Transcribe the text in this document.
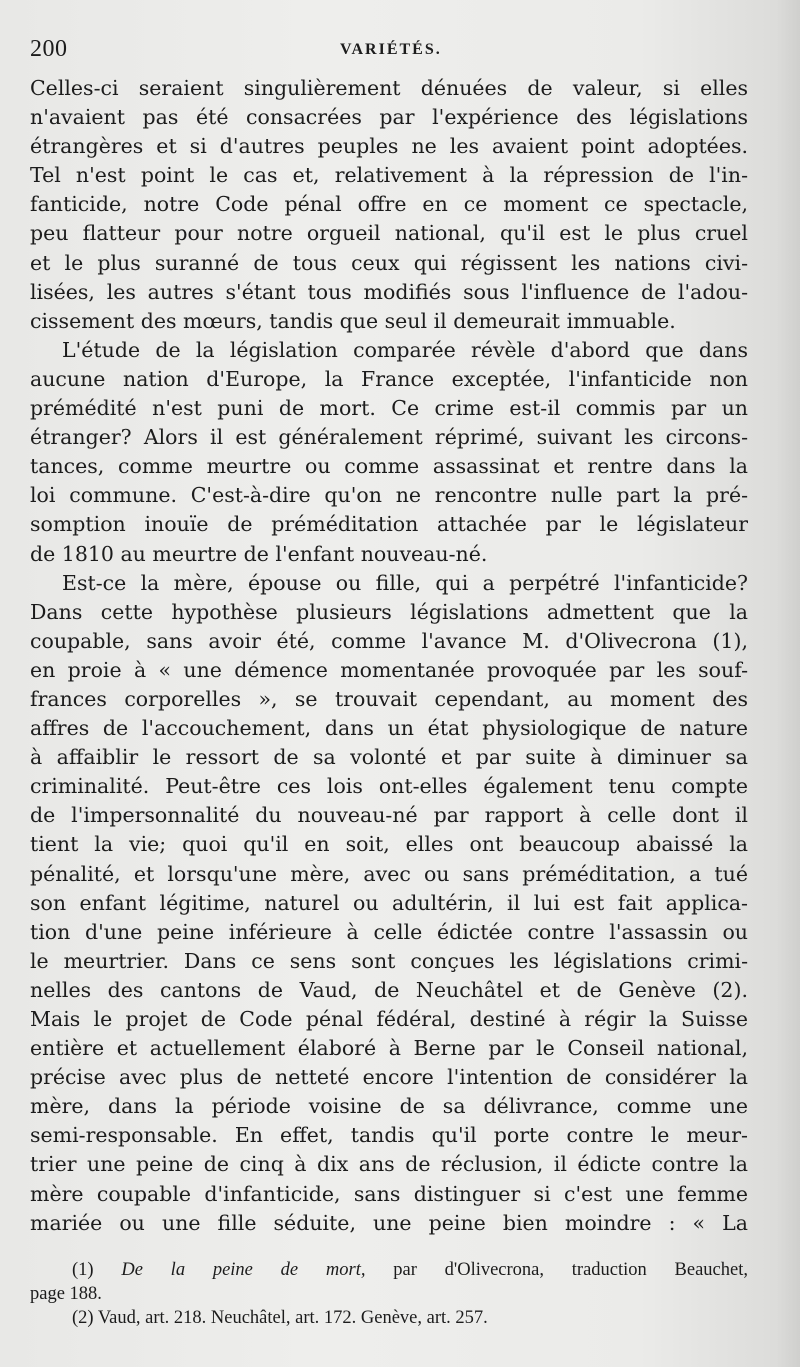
200	VARIÉTÉS.
Celles-ci seraient singulièrement dénuées de valeur, si elles
n'avaient pas été consacrées par l'expérience des législations
étrangères et si d'autres peuples ne les avaient point adoptées.
Tel n'est point le cas et, relativement à la répression de l'in-
fanticide, notre Code pénal offre en ce moment ce spectacle,
peu flatteur pour notre orgueil national, qu'il est le plus cruel
et le plus suranné de tous ceux qui régissent les nations civi-
lisées, les autres s'étant tous modifiés sous l'influence de l'adou-
cissement des mœurs, tandis que seul il demeurait immuable.
L'étude de la législation comparée révèle d'abord que dans
aucune nation d'Europe, la France exceptée, l'infanticide non
prémédité n'est puni de mort. Ce crime est-il commis par un
étranger? Alors il est généralement réprimé, suivant les circons-
tances, comme meurtre ou comme assassinat et rentre dans la
loi commune. C'est-à-dire qu'on ne rencontre nulle part la pré-
somption inouïe de préméditation attachée par le législateur
de 1810 au meurtre de l'enfant nouveau-né.
Est-ce la mère, épouse ou fille, qui a perpétré l'infanticide?
Dans cette hypothèse plusieurs législations admettent que la
coupable, sans avoir été, comme l'avance M. d'Olivecrona (1),
en proie à « une démence momentanée provoquée par les souf-
frances corporelles », se trouvait cependant, au moment des
affres de l'accouchement, dans un état physiologique de nature
à affaiblir le ressort de sa volonté et par suite à diminuer sa
criminalité. Peut-être ces lois ont-elles également tenu compte
de l'impersonnalité du nouveau-né par rapport à celle dont il
tient la vie; quoi qu'il en soit, elles ont beaucoup abaissé la
pénalité, et lorsqu'une mère, avec ou sans préméditation, a tué
son enfant légitime, naturel ou adultérin, il lui est fait applica-
tion d'une peine inférieure à celle édictée contre l'assassin ou
le meurtrier. Dans ce sens sont conçues les législations crimi-
nelles des cantons de Vaud, de Neuchâtel et de Genève (2).
Mais le projet de Code pénal fédéral, destiné à régir la Suisse
entière et actuellement élaboré à Berne par le Conseil national,
précise avec plus de netteté encore l'intention de considérer la
mère, dans la période voisine de sa délivrance, comme une
semi-responsable. En effet, tandis qu'il porte contre le meur-
trier une peine de cinq à dix ans de réclusion, il édicte contre la
mère coupable d'infanticide, sans distinguer si c'est une femme
mariée ou une fille séduite, une peine bien moindre : « La
(1) De la peine de mort, par d'Olivecrona, traduction Beauchet,
page 188.
(2) Vaud, art. 218. Neuchâtel, art. 172. Genève, art. 257.
